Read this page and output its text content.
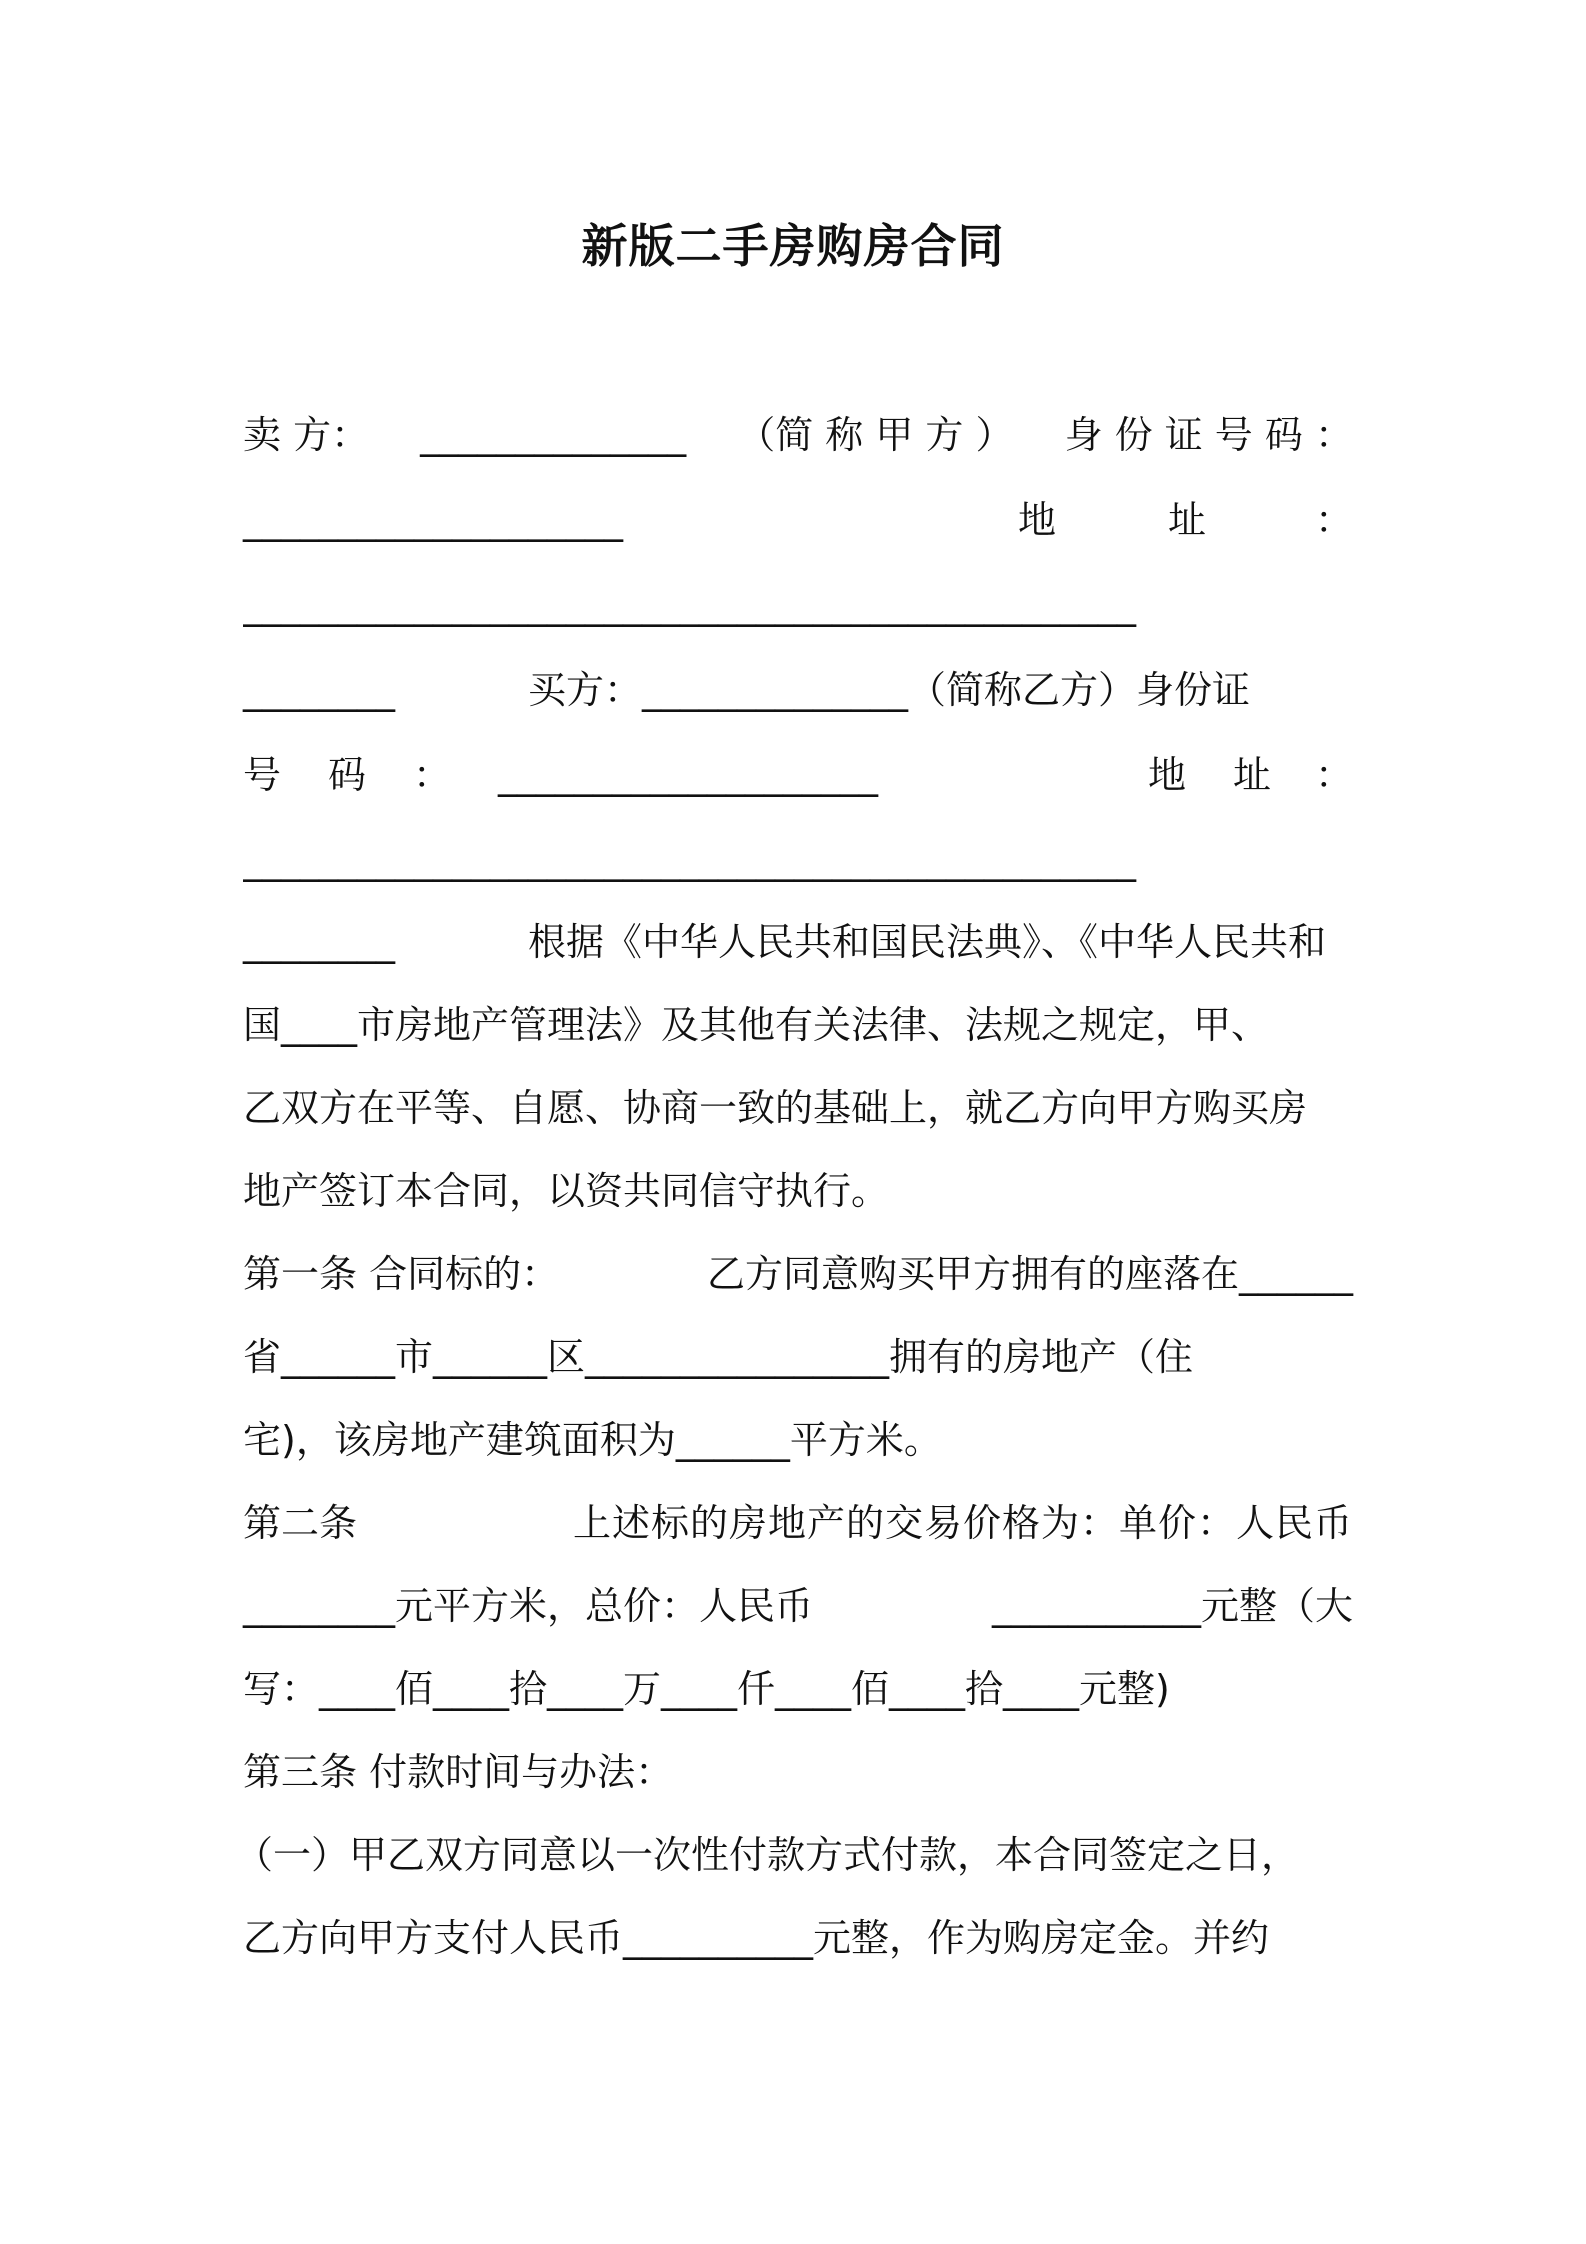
新版二手房购房合同
卖 方： ______________ （简 称 甲 方 ） 身 份 证 号 码 ：
____________________	地	址	：
_______________________________________________
________	买方：______________（简称乙方）身份证
号 码 ： ____________________	地 址 ：
_______________________________________________
________	根据《中华人民共和国民法典》、《中华人民共和
国____市房地产管理法》及其他有关法律、法规之规定，甲、
乙双方在平等、自愿、协商一致的基础上，就乙方向甲方购买房
地产签订本合同，以资共同信守执行。
第一条 合同标的：	乙方同意购买甲方拥有的座落在______
省______市______区________________拥有的房地产（住
宅)，该房地产建筑面积为______平方米。
第二条	上述标的房地产的交易价格为：单价：人民币
________元平方米，总价：人民币	___________元整（大
写：____佰____拾____万____仟____佰____拾____元整)
第三条 付款时间与办法：
（一）甲乙双方同意以一次性付款方式付款，本合同签定之日，
乙方向甲方支付人民币__________元整，作为购房定金。并约
